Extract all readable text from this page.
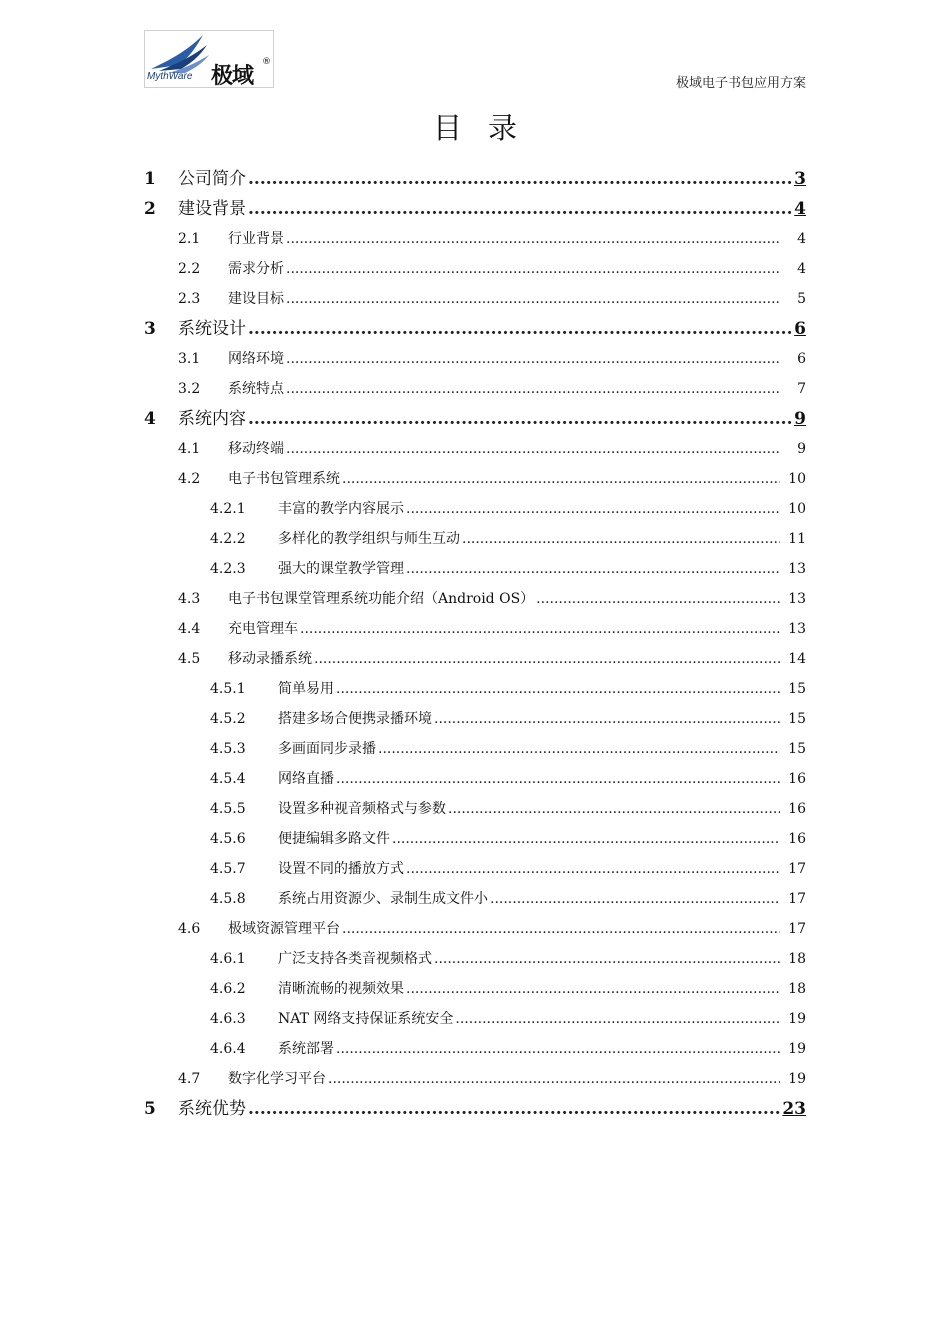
MythWare 极域
®
极域电子书包应用方案
目录
1	公司简介 .....	3
2	建设背景 .....	4
2.1	行业背景 .....	4
2.2	需求分析 .....	4
2.3	建设目标 .....	5
3	系统设计 .....	6
3.1	网络环境 .....	6
3.2	系统特点 .....	7
4	系统内容 .....	9
4.1	移动终端 .....	9
4.2	电子书包管理系统 .....	10
4.2.1	丰富的教学内容展示 .....	10
4.2.2	多样化的教学组织与师生互动 .....	11
4.2.3	强大的课堂教学管理 .....	13
4.3	电子书包课堂管理系统功能介绍（Android OS） .....	13
4.4	充电管理车 .....	13
4.5	移动录播系统 .....	14
4.5.1	简单易用 .....	15
4.5.2	搭建多场合便携录播环境 .....	15
4.5.3	多画面同步录播 .....	15
4.5.4	网络直播 .....	16
4.5.5	设置多种视音频格式与参数 .....	16
4.5.6	便捷编辑多路文件 .....	16
4.5.7	设置不同的播放方式 .....	17
4.5.8	系统占用资源少、录制生成文件小 .....	17
4.6	极域资源管理平台 .....	17
4.6.1	广泛支持各类音视频格式 .....	18
4.6.2	清晰流畅的视频效果 .....	18
4.6.3	NAT 网络支持保证系统安全 .....	19
4.6.4	系统部署 .....	19
4.7	数字化学习平台 .....	19
5	系统优势 .....	23
